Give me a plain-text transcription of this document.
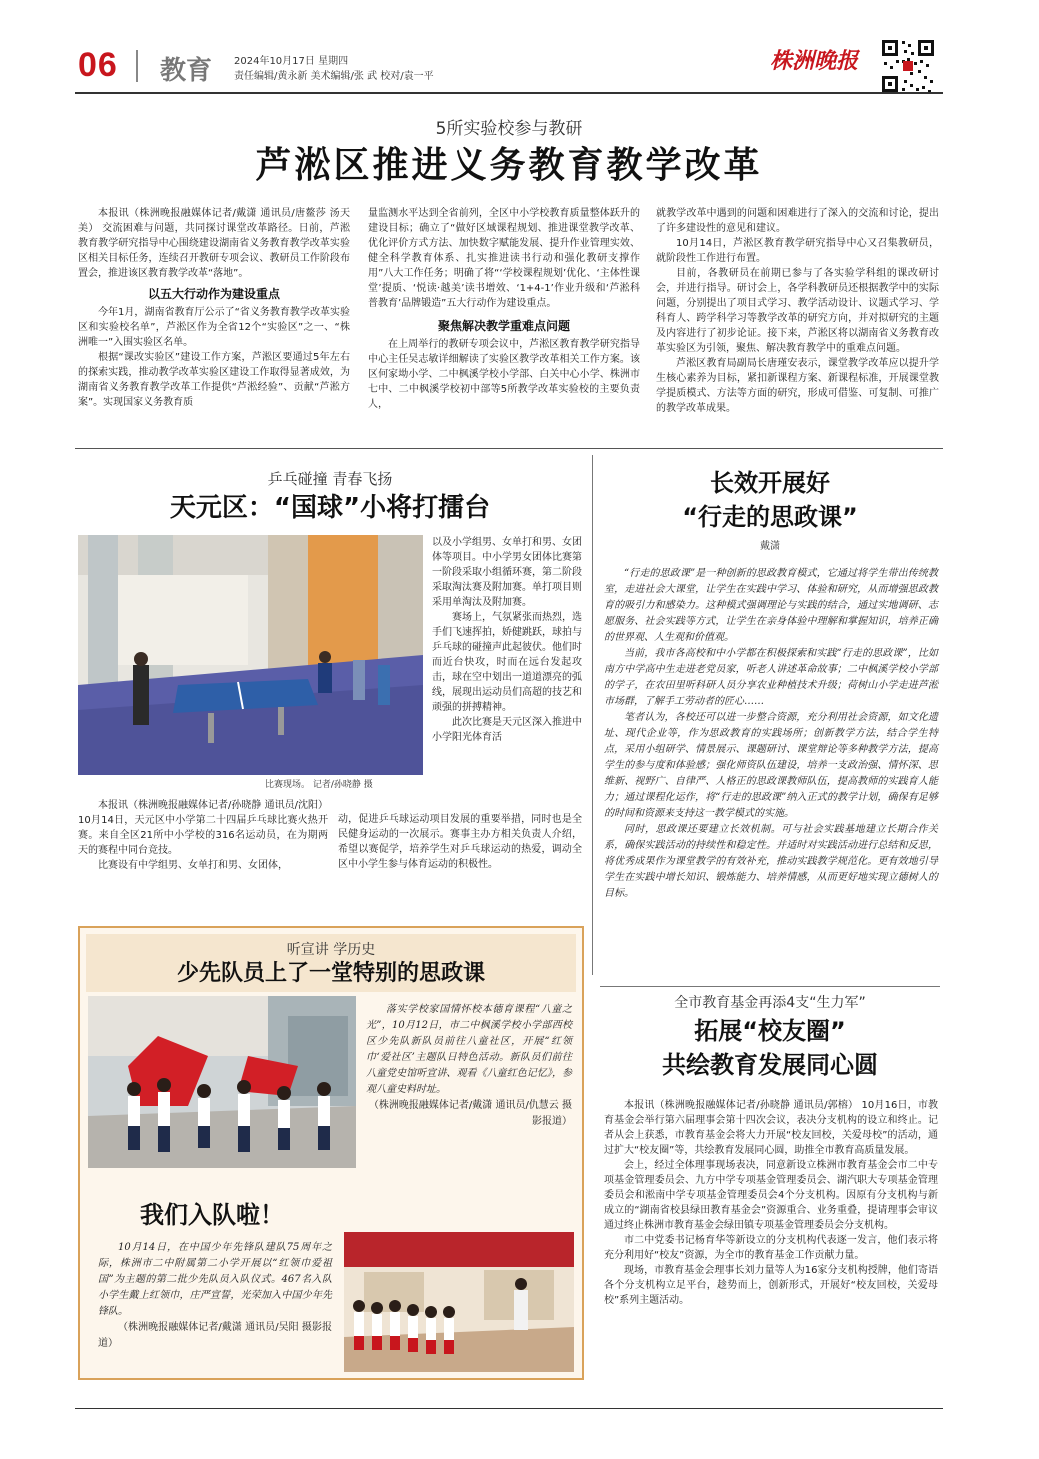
06 教育 2024年10月17日 星期四
责任编辑/黄永新 美术编辑/张 武 校对/袁一平
株洲晚报
5所实验校参与教研
芦淞区推进义务教育教学改革

本报讯（株洲晚报融媒体记者/戴潇 通讯员/唐鳌莎 汤天美） 交流困难与问题，共同探讨课堂改革路径。日前，芦淞教育教学研究指导中心围绕建设湖南省义务教育教学改革实验区相关目标任务，连续召开教研专项会议、教研员工作阶段布置会，推进该区教育教学改革“落地”。

以五大行动作为建设重点

今年1月，湖南省教育厅公示了“省义务教育教学改革实验区和实验校名单”，芦淞区作为全省12个“实验区”之一、“株洲唯一”入围实验区名单。

根据“课改实验区”建设工作方案，芦淞区要通过5年左右的探索实践，推动教学改革实验区建设工作取得显著成效，为湖南省义务教育教学改革工作提供“芦淞经验”、贡献“芦淞方案”。实现国家义务教育质

量监测水平达到全省前列，全区中小学校教育质量整体跃升的建设目标；确立了“做好区域课程规划、推进课堂教学改革、优化评价方式方法、加快数字赋能发展、提升作业管理实效、健全科学教育体系、扎实推进读书行动和强化教研支撑作用”八大工作任务；明确了将“‘学校课程规划’优化、‘主体性课堂’提质、‘悦读·越美’读书增效、‘1+4-1’作业升级和‘芦淞科普教育’品牌锻造”五大行动作为建设重点。

聚焦解决教学重难点问题

在上周举行的教研专项会议中，芦淞区教育教学研究指导中心主任吴志敏详细解读了实验区教学改革相关工作方案。该区何家坳小学、二中枫溪学校小学部、白关中心小学、株洲市七中、二中枫溪学校初中部等5所教学改革实验校的主要负责人，

就教学改革中遇到的问题和困难进行了深入的交流和讨论，提出了许多建设性的意见和建议。

10月14日，芦淞区教育教学研究指导中心又召集教研员，就阶段性工作进行布置。

目前，各教研员在前期已参与了各实验学科组的课改研讨会，并进行指导。研讨会上，各学科教研员还根据教学中的实际问题，分别提出了项目式学习、教学活动设计、议题式学习、学科育人、跨学科学习等教学改革的研究方向，并对拟研究的主题及内容进行了初步论证。接下来，芦淞区将以湖南省义务教育改革实验区为引领，聚焦、解决教育教学中的重难点问题。

芦淞区教育局副局长唐瑾安表示，课堂教学改革应以提升学生核心素养为目标，紧扣新课程方案、新课程标准，开展课堂教学提质模式、方法等方面的研究，形成可借鉴、可复制、可推广的教学改革成果。

乒乓碰撞 青春飞扬
天元区：“国球”小将打擂台
比赛现场。 记者/孙晓静 摄

以及小学组男、女单打和男、女团体等项目。中小学男女团体比赛第一阶段采取小组循环赛，第二阶段采取淘汰赛及附加赛。单打项目则采用单淘汰及附加赛。

赛场上，气氛紧张而热烈，选手们飞速挥拍，娇健跳跃，球拍与乒乓球的碰撞声此起彼伏。他们时而近台快攻，时而在远台发起攻击，球在空中划出一道道漂亮的弧线，展现出运动员们高超的技艺和顽强的拼搏精神。

此次比赛是天元区深入推进中小学阳光体育活

本报讯（株洲晚报融媒体记者/孙晓静 通讯员/沈阳） 10月14日，天元区中小学第二十四届乒乓球比赛火热开赛。来自全区21所中小学校的316名运动员，在为期两天的赛程中同台竞技。

比赛设有中学组男、女单打和男、女团体，

动，促进乒乓球运动项目发展的重要举措，同时也是全民健身运动的一次展示。赛事主办方相关负责人介绍，希望以赛促学，培养学生对乒乓球运动的热爱，调动全区中小学生参与体育运动的积极性。

长效开展好
“行走的思政课”
戴潇

“行走的思政课”是一种创新的思政教育模式，它通过将学生带出传统教室，走进社会大课堂，让学生在实践中学习、体验和研究，从而增强思政教育的吸引力和感染力。这种模式强调理论与实践的结合，通过实地调研、志愿服务、社会实践等方式，让学生在亲身体验中理解和掌握知识，培养正确的世界观、人生观和价值观。

当前，我市各高校和中小学都在积极探索和实践“行走的思政课”，比如南方中学高中生走进老党员家，听老人讲述革命故事；二中枫溪学校小学部的学子，在农田里听科研人员分享农业种植技术升级；荷树山小学走进芦淞市场群，了解手工劳动者的匠心……

笔者认为，各校还可以进一步整合资源，充分利用社会资源，如文化遗址、现代企业等，作为思政教育的实践场所；创新教学方法，结合学生特点，采用小组研学、情景展示、课题研讨、课堂辩论等多种教学方法，提高学生的参与度和体验感；强化师资队伍建设，培养一支政治强、情怀深、思维新、视野广、自律严、人格正的思政课教师队伍，提高教师的实践育人能力；通过课程化运作，将“行走的思政课”纳入正式的教学计划，确保有足够的时间和资源来支持这一教学模式的实施。

同时，思政课还要建立长效机制。可与社会实践基地建立长期合作关系，确保实践活动的持续性和稳定性。并适时对实践活动进行总结和反思，将优秀成果作为课堂教学的有效补充，推动实践教学规范化。更有效地引导学生在实践中增长知识、锻炼能力、培养情感，从而更好地实现立德树人的目标。

听宣讲 学历史
少先队员上了一堂特别的思政课

落实学校家国情怀校本德育课程“八童之光”，10月12日，市二中枫溪学校小学部西校区少先队新队员前往八童社区，开展“红领巾‘爱社区’主题队日特色活动。新队员们前往八童党史馆听宣讲、观看《八童红色记忆》，参观八童史料时址。

（株洲晚报融媒体记者/戴潇 通讯员/仇慧云 摄影报道）

我们入队啦！

10月14日，在中国少年先锋队建队75周年之际，株洲市二中附属第二小学开展以“红领巾爱祖国”为主题的第二批少先队员入队仪式。467名入队小学生戴上红领巾，庄严宣誓，光荣加入中国少年先锋队。

（株洲晚报融媒体记者/戴潇 通讯员/吴阳 摄影报道）

全市教育基金再添4支“生力军”
拓展“校友圈”
共绘教育发展同心圆

本报讯（株洲晚报融媒体记者/孙晓静 通讯员/郭榕） 10月16日，市教育基金会举行第六届理事会第十四次会议，表决分支机构的设立和终止。记者从会上获悉，市教育基金会将大力开展“校友回校，关爱母校”的活动，通过扩大“校友圈”等，共绘教育发展同心圆，助推全市教育高质量发展。

会上，经过全体理事现场表决，同意新设立株洲市教育基金会市二中专项基金管理委员会、九方中学专项基金管理委员会、湖汽职大专项基金管理委员会和淞南中学专项基金管理委员会4个分支机构。因原有分支机构与新成立的“湖南省校县绿田教育基金会”资源重合、业务重叠，提请理事会审议通过终止株洲市教育基金会绿田镇专项基金管理委员会分支机构。

市二中党委书记杨育华等新设立的分支机构代表逐一发言，他们表示将充分利用好“校友”资源，为全市的教育基金工作贡献力量。

现场，市教育基金会理事长刘力量等人为16家分支机构授牌，他们寄语各个分支机构立足平台，趁势而上，创新形式，开展好“校友回校，关爱母校”系列主题活动。
